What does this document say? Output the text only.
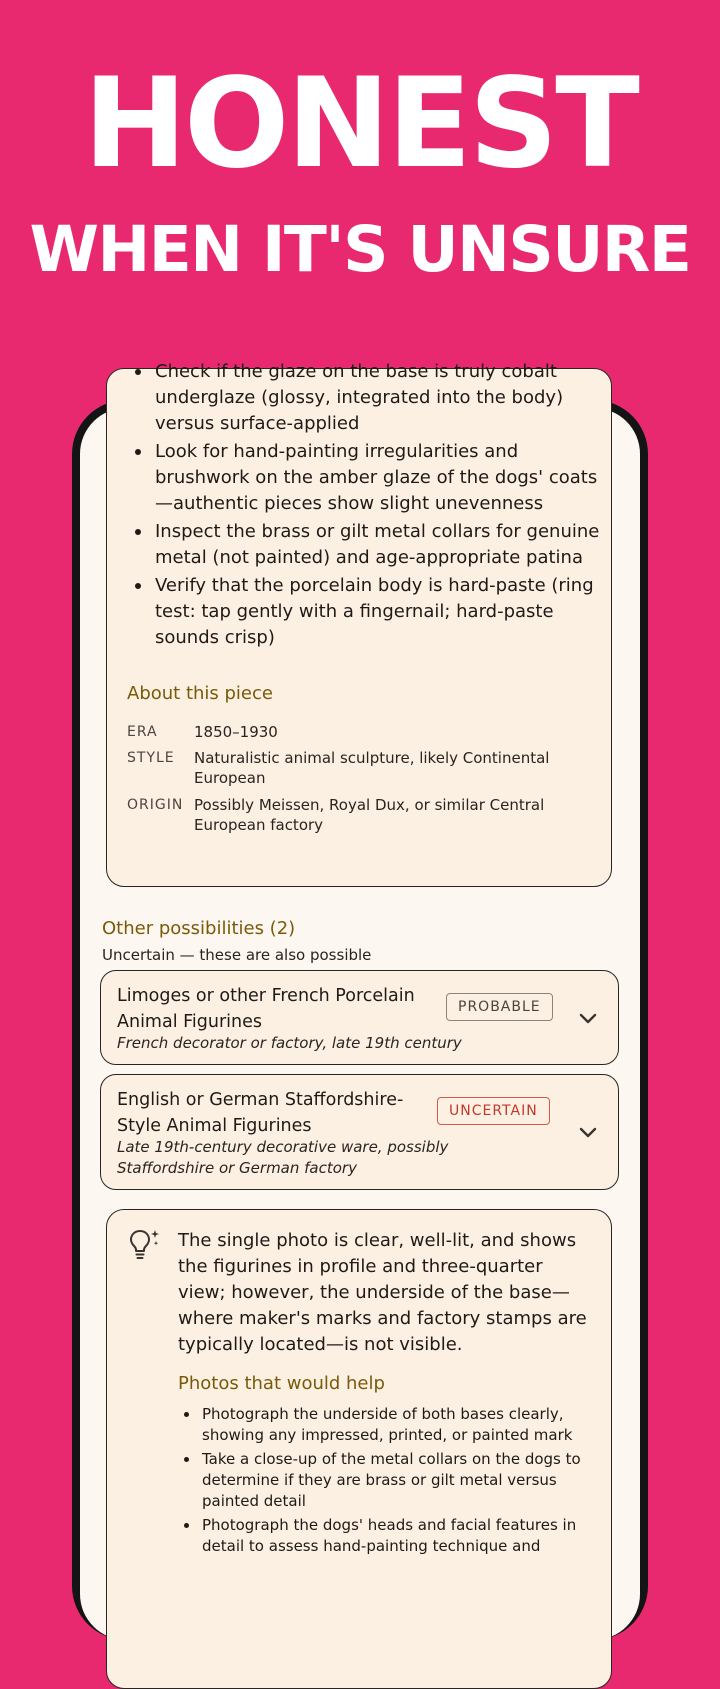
HONEST
WHEN IT'S UNSURE
Check if the glaze on the base is truly cobalt underglaze (glossy, integrated into the body) versus surface-applied
Look for hand-painting irregularities and brushwork on the amber glaze of the dogs' coats—authentic pieces show slight unevenness
Inspect the brass or gilt metal collars for genuine metal (not painted) and age-appropriate patina
Verify that the porcelain body is hard-paste (ring test: tap gently with a fingernail; hard-paste sounds crisp)
About this piece
ERA	1850–1930
STYLE	Naturalistic animal sculpture, likely Continental European
ORIGIN Possibly Meissen, Royal Dux, or similar Central European factory
Other possibilities (2)
Uncertain — these are also possible
Limoges or other French Porcelain Animal Figurines
French decorator or factory, late 19th century
PROBABLE
English or German Staffordshire-Style Animal Figurines
Late 19th-century decorative ware, possibly Staffordshire or German factory
UNCERTAIN
The single photo is clear, well-lit, and shows the figurines in profile and three-quarter view; however, the underside of the base—where maker's marks and factory stamps are typically located—is not visible.
Photos that would help
Photograph the underside of both bases clearly, showing any impressed, printed, or painted mark
Take a close-up of the metal collars on the dogs to determine if they are brass or gilt metal versus painted detail
Photograph the dogs' heads and facial features in detail to assess hand-painting technique and
